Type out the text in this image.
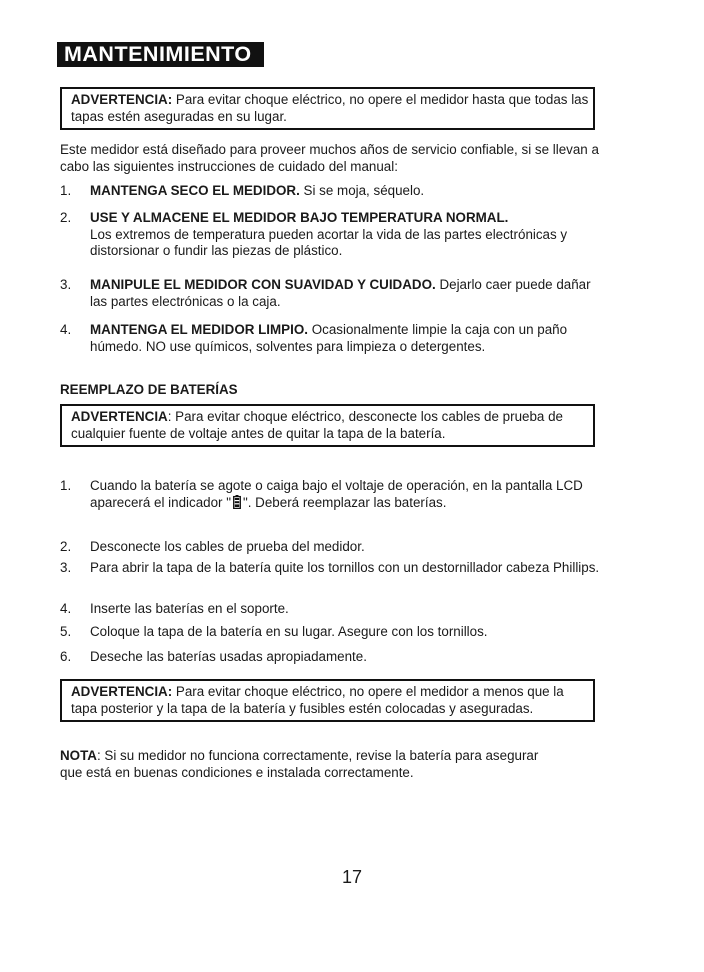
MANTENIMIENTO
ADVERTENCIA: Para evitar choque eléctrico, no opere el medidor hasta que todas las tapas estén aseguradas en su lugar.
Este medidor está diseñado para proveer muchos años de servicio confiable, si se llevan a cabo las siguientes instrucciones de cuidado del manual:
1. MANTENGA SECO EL MEDIDOR. Si se moja, séquelo.
2. USE Y ALMACENE EL MEDIDOR BAJO TEMPERATURA NORMAL.
Los extremos de temperatura pueden acortar la vida de las partes electrónicas y distorsionar o fundir las piezas de plástico.
3. MANIPULE EL MEDIDOR CON SUAVIDAD Y CUIDADO. Dejarlo caer puede dañar las partes electrónicas o la caja.
4. MANTENGA EL MEDIDOR LIMPIO. Ocasionalmente limpie la caja con un paño húmedo. NO use químicos, solventes para limpieza o detergentes.
REEMPLAZO DE BATERÍAS
ADVERTENCIA: Para evitar choque eléctrico, desconecte los cables de prueba de cualquier fuente de voltaje antes de quitar la tapa de la batería.
1. Cuando la batería se agote o caiga bajo el voltaje de operación, en la pantalla LCD aparecerá el indicador " ". Deberá reemplazar las baterías.
2. Desconecte los cables de prueba del medidor.
3. Para abrir la tapa de la batería quite los tornillos con un destornillador cabeza Phillips.
4. Inserte las baterías en el soporte.
5. Coloque la tapa de la batería en su lugar. Asegure con los tornillos.
6. Deseche las baterías usadas apropiadamente.
ADVERTENCIA: Para evitar choque eléctrico, no opere el medidor a menos que la tapa posterior y la tapa de la batería y fusibles estén colocadas y aseguradas.
NOTA: Si su medidor no funciona correctamente, revise la batería para asegurar que está en buenas condiciones e instalada correctamente.
17
